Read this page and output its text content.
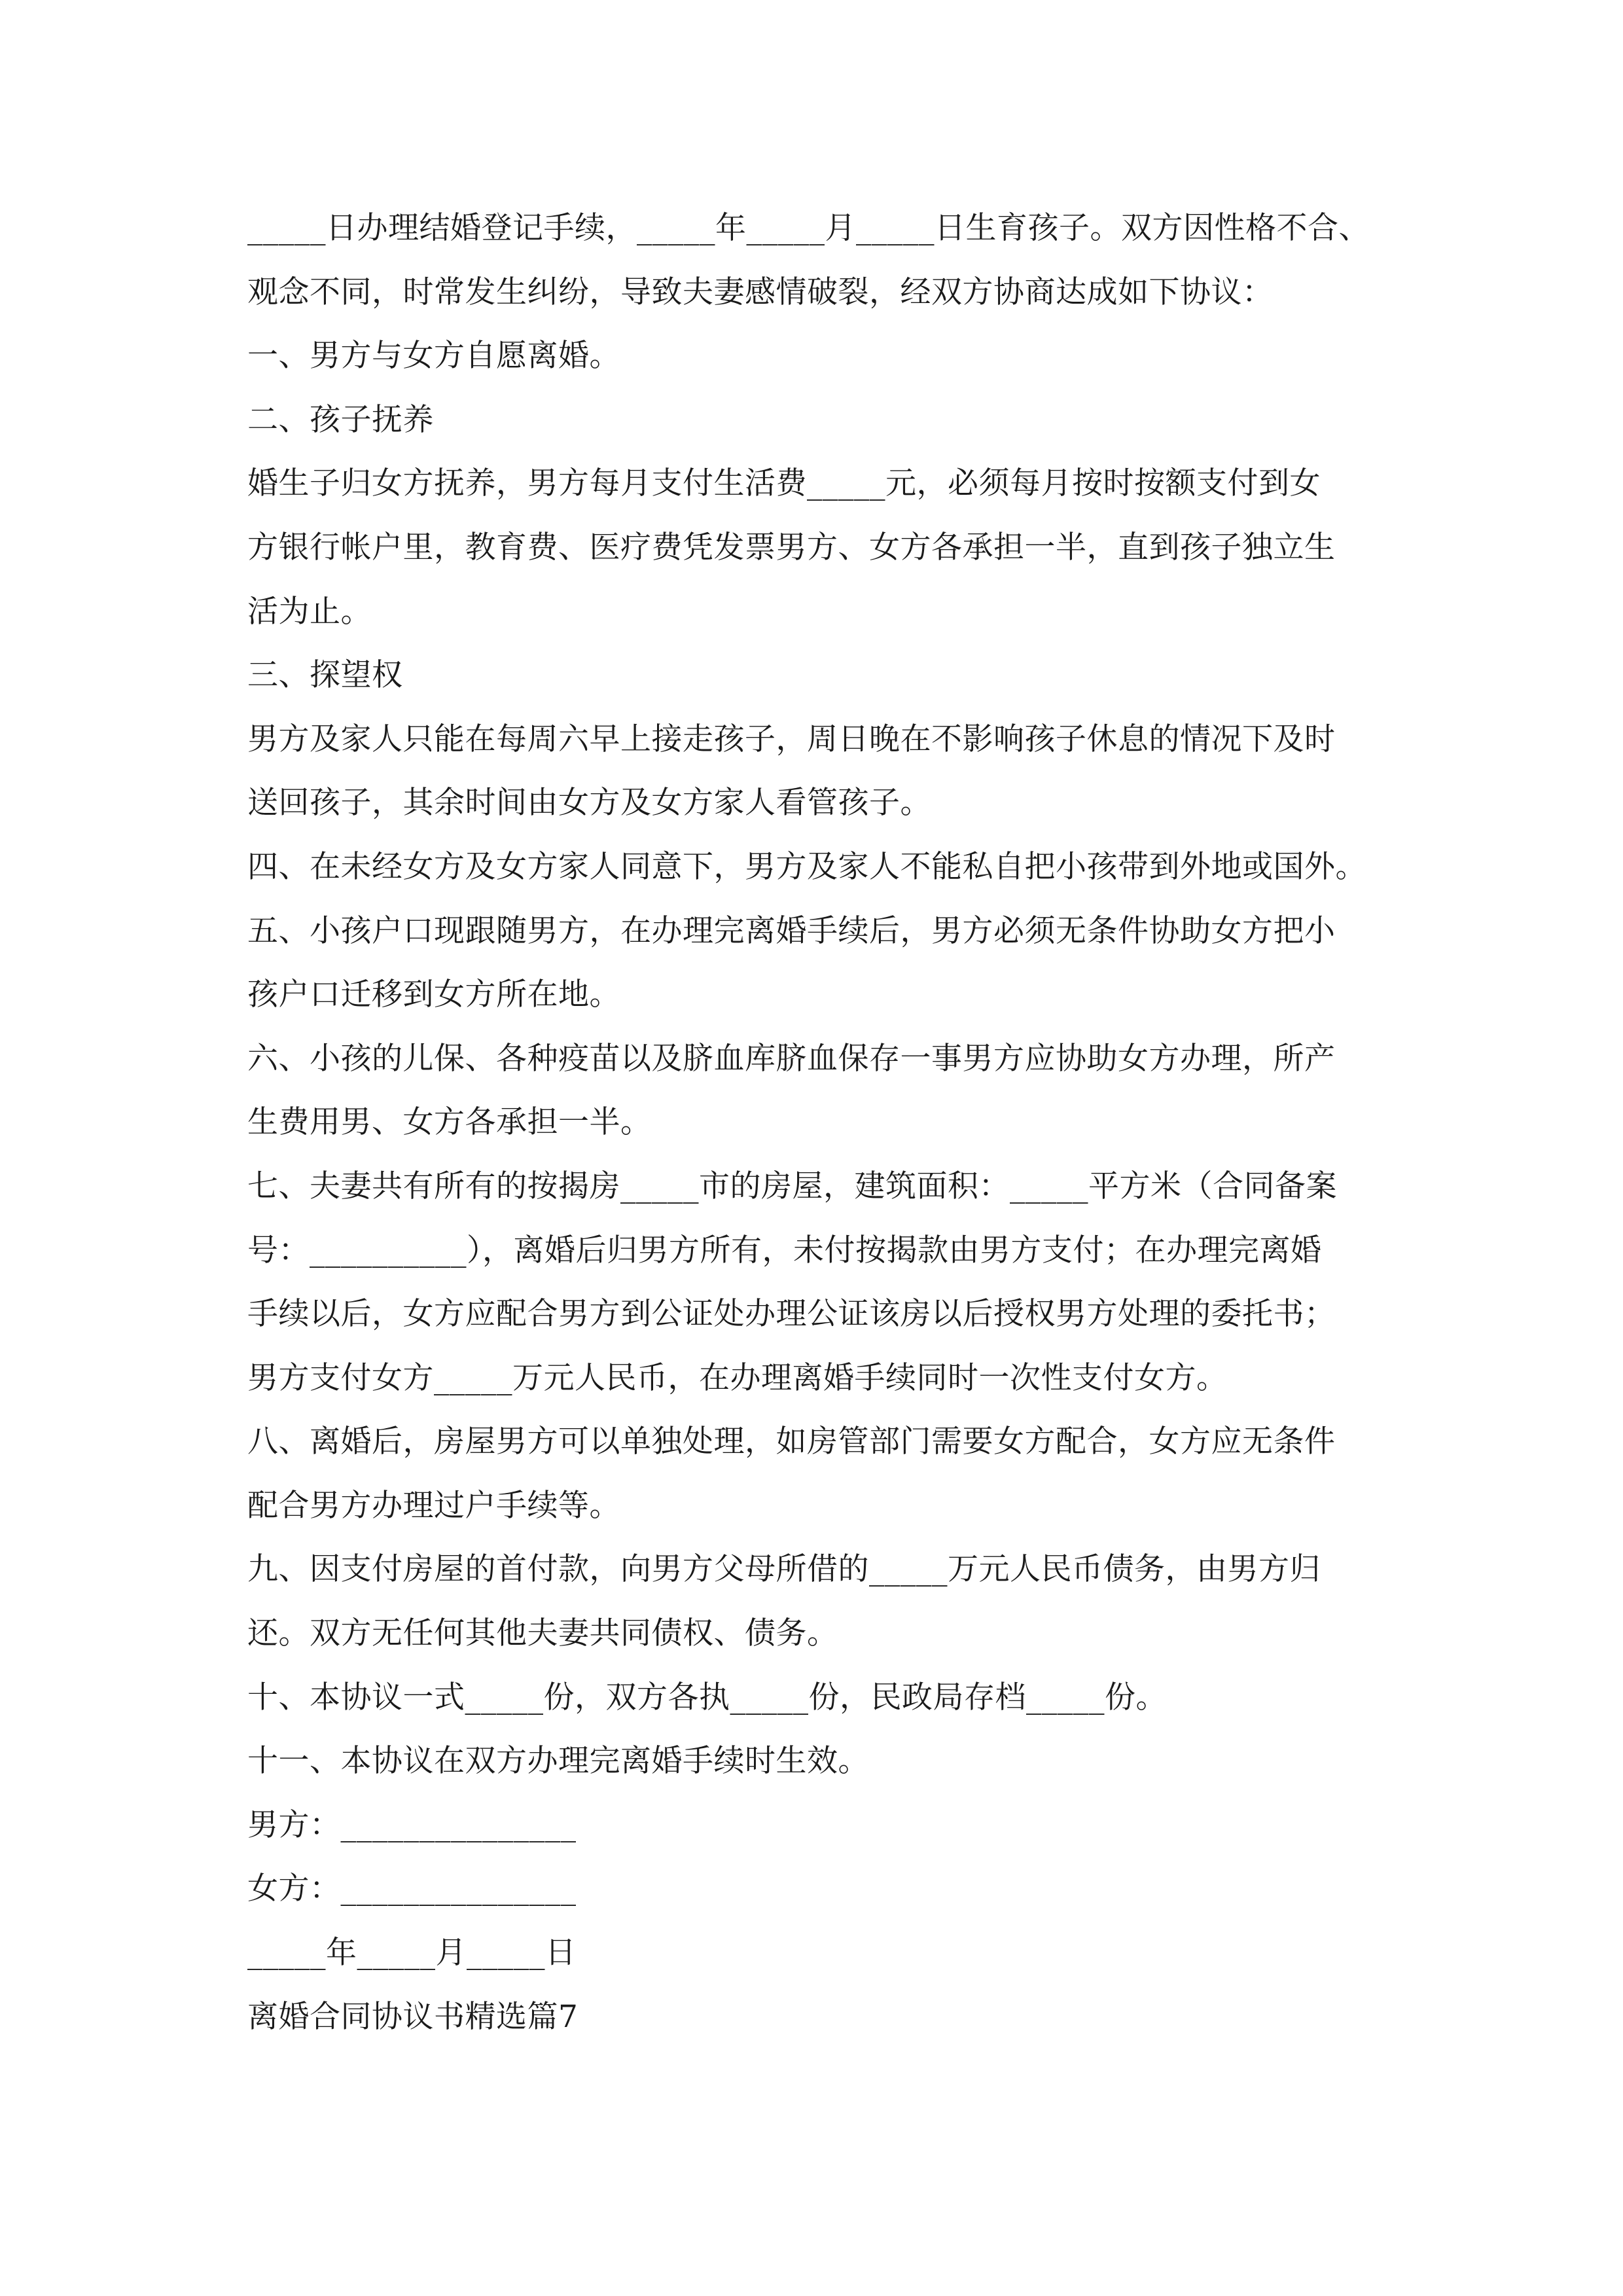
_____日办理结婚登记手续，_____年_____月_____日生育孩子。双方因性格不合、
观念不同，时常发生纠纷，导致夫妻感情破裂，经双方协商达成如下协议：
一、男方与女方自愿离婚。
二、孩子抚养
婚生子归女方抚养，男方每月支付生活费_____元，必须每月按时按额支付到女
方银行帐户里，教育费、医疗费凭发票男方、女方各承担一半，直到孩子独立生
活为止。
三、探望权
男方及家人只能在每周六早上接走孩子，周日晚在不影响孩子休息的情况下及时
送回孩子，其余时间由女方及女方家人看管孩子。
四、在未经女方及女方家人同意下，男方及家人不能私自把小孩带到外地或国外。
五、小孩户口现跟随男方，在办理完离婚手续后，男方必须无条件协助女方把小
孩户口迁移到女方所在地。
六、小孩的儿保、各种疫苗以及脐血库脐血保存一事男方应协助女方办理，所产
生费用男、女方各承担一半。
七、夫妻共有所有的按揭房_____市的房屋，建筑面积：_____平方米（合同备案
号：__________），离婚后归男方所有，未付按揭款由男方支付；在办理完离婚
手续以后，女方应配合男方到公证处办理公证该房以后授权男方处理的委托书；
男方支付女方_____万元人民币，在办理离婚手续同时一次性支付女方。
八、离婚后，房屋男方可以单独处理，如房管部门需要女方配合，女方应无条件
配合男方办理过户手续等。
九、因支付房屋的首付款，向男方父母所借的_____万元人民币债务，由男方归
还。双方无任何其他夫妻共同债权、债务。
十、本协议一式_____份，双方各执_____份，民政局存档_____份。
十一、本协议在双方办理完离婚手续时生效。
男方：_______________
女方：_______________
_____年_____月_____日
离婚合同协议书精选篇7
